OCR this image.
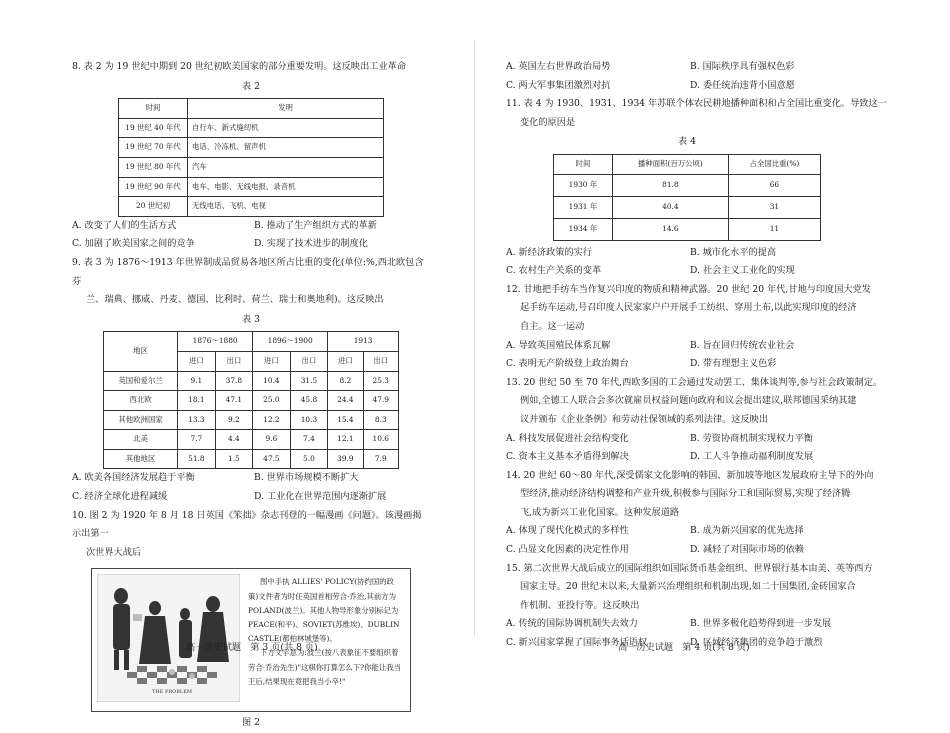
8. 表 2 为 19 世纪中期到 20 世纪初欧美国家的部分重要发明。这反映出工业革命

表 2

时间	发明
19 世纪 40 年代	自行车、新式缝纫机
19 世纪 70 年代	电话、冷冻机、留声机
19 世纪 80 年代	汽车
19 世纪 90 年代	电车、电影、无线电报、录音机
20 世纪初	无线电话、飞机、电视
A. 改变了人们的生活方式	B. 推动了生产组织方式的革新
C. 加剧了欧美国家之间的竞争	D. 实现了技术进步的制度化

9. 表 3 为 1876～1913 年世界制成品贸易各地区所占比重的变化(单位:%,西北欧包含芬

兰、瑞典、挪威、丹麦、德国、比利时、荷兰、瑞士和奥地利)。这反映出

表 3

地区	1876～1880		1896～1900		1913	
	进口	出口	进口	出口	进口	出口
英国和爱尔兰	9.1	37.8	10.4	31.5	8.2	25.3
西北欧	18.1	47.1	25.0	45.8	24.4	47.9
其他欧洲国家	13.3	9.2	12.2	10.3	15.4	8.3
北美	7.7	4.4	9.6	7.4	12.1	10.6
其他地区	51.8	1.5	47.5	5.0	39.9	7.9
A. 欧美各国经济发展趋于平衡	B. 世界市场规模不断扩大
C. 经济全球化进程减缓	D. 工业化在世界范围内逐渐扩展

10. 图 2 为 1920 年 8 月 18 日英国《笨拙》杂志刊登的一幅漫画《问题》。该漫画揭示出第一

次世界大战后

THE PROBLEM

图中手执 ALLIES' POLICY(协约国的政策)文件者为时任英国首相劳合·乔治,其前方为 POLAND(波兰)。其他人物导形象分别标记为 PEACE(和平)、SOVIET(苏维埃)、DUBLIN CASTLE(都柏林城堡等)。

下方文字意为:波兰(按八表象征不要组织着劳合·乔治先生)"这棋你打算怎么下?你能让我当王后,结果现在竟把我当小卒!"

图 2

高一历史试题　第 3 页(共 8 页)
A. 英国左右世界政治局势	B. 国际秩序具有强权色彩
C. 两大军事集团激烈对抗	D. 委任统治违背小国意愿

11. 表 4 为 1930、1931、1934 年苏联个体农民耕地播种面积和占全国比重变化。导致这一

变化的原因是

表 4

时间	播种面积(百万公顷)	占全国比重(%)
1930 年	81.8	66
1931 年	40.4	31
1934 年	14.6	11
A. 新经济政策的实行	B. 城市化水平的提高
C. 农村生产关系的变革	D. 社会主义工业化的实现

12. 甘地把手纺车当作复兴印度的物质和精神武器。20 世纪 20 年代,甘地与印度国大党发

起手纺车运动,号召印度人民家家户户开展手工纺织、穿用土布,以此实现印度的经济

自主。这一运动

A. 导致英国殖民体系瓦解	B. 旨在回归传统农业社会
C. 表明无产阶级登上政治舞台	D. 带有理想主义色彩

13. 20 世纪 50 至 70 年代,西欧多国的工会通过发动罢工、集体谈判等,参与社会政策制定。

例如,全德工人联合会多次就雇员权益问题向政府和议会提出建议,联邦德国采纳其建

议并颁布《企业条例》和劳动社保领域的系列法律。这反映出

A. 科技发展促进社会结构变化	B. 劳资协商机制实现权力平衡
C. 资本主义基本矛盾得到解决	D. 工人斗争推动福利制度发展

14. 20 世纪 60～80 年代,深受儒家文化影响的韩国、新加坡等地区发展政府主导下的外向

型经济,推动经济结构调整和产业升级,积极参与国际分工和国际贸易,实现了经济腾

飞,成为新兴工业化国家。这种发展道路

A. 体现了现代化模式的多样性	B. 成为新兴国家的优先选择
C. 凸显文化因素的决定性作用	D. 减轻了对国际市场的依赖

15. 第二次世界大战后成立的国际组织如国际货币基金组织、世界银行基本由美、英等西方

国家主导。20 世纪末以来,大量新兴治理组织和机制出现,如二十国集团,金砖国家合

作机制、亚投行等。这反映出

A. 传统的国际协调机制失去效力	B. 世界多极化趋势得到进一步发展
C. 新兴国家掌握了国际事务话语权	D. 区域经济集团的竞争趋于激烈
高一历史试题　第 4 页(共 8 页)
